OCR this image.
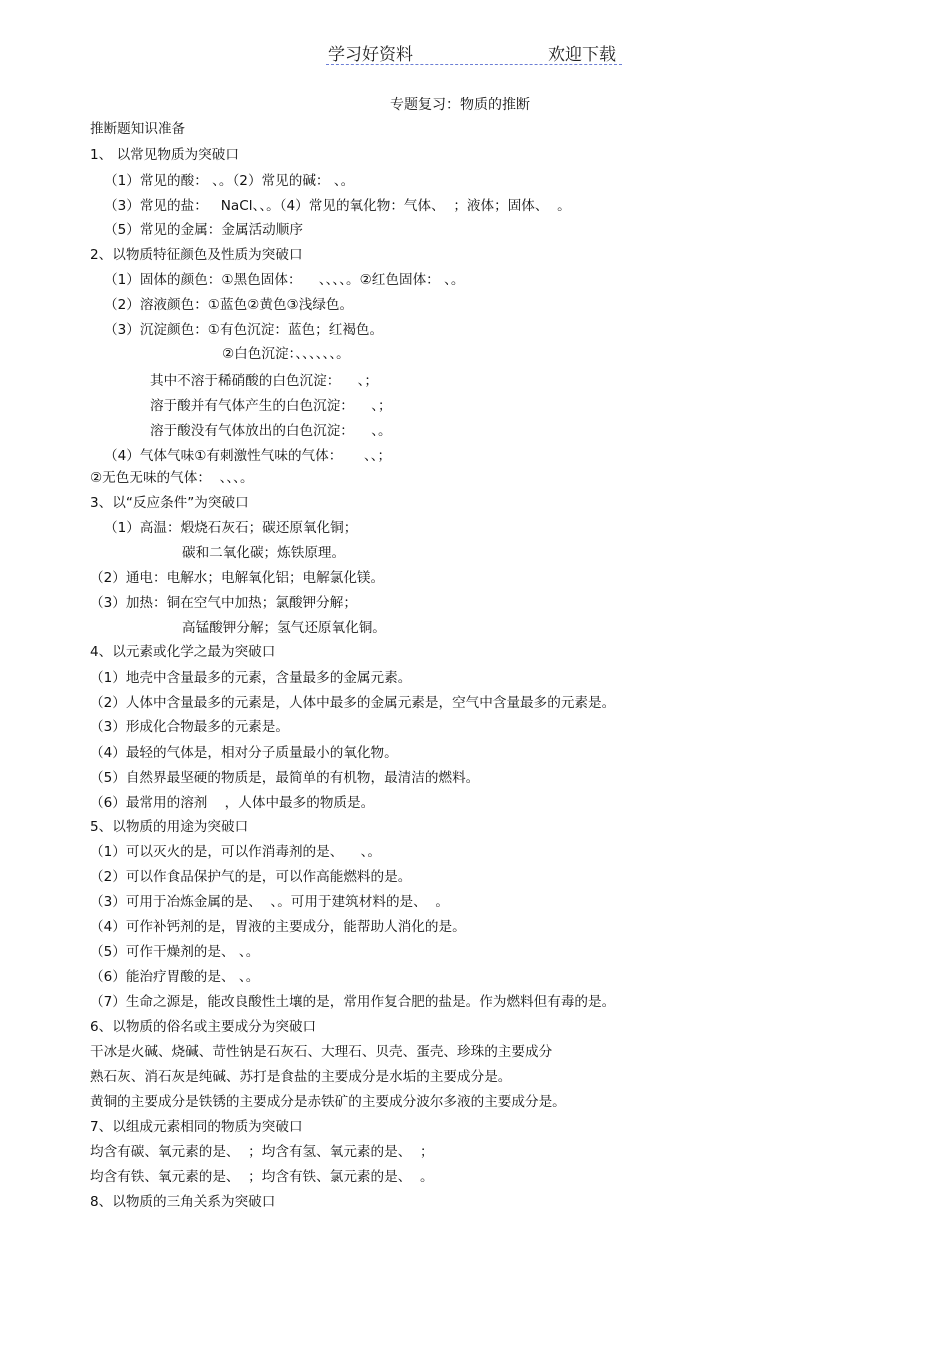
学习好资料	欢迎下载
专题复习：物质的推断
推断题知识准备
1、 以常见物质为突破口
（1）常见的酸： 、。（2）常见的碱： 、。
（3）常见的盐：   NaCl、、。（4）常见的氧化物：气体、  ；液体；固体、  。
（5）常见的金属：金属活动顺序
2、以物质特征颜色及性质为突破口
（1）固体的颜色：①黑色固体：    、、、、。②红色固体： 、。
（2）溶液颜色：①蓝色②黄色③浅绿色。
（3）沉淀颜色：①有色沉淀：蓝色；红褐色。
②白色沉淀：、、、、、、。
其中不溶于稀硝酸的白色沉淀：    、；
溶于酸并有气体产生的白色沉淀：    、；
溶于酸没有气体放出的白色沉淀：    、。
（4）气体气味①有刺激性气味的气体：     、、；
②无色无味的气体：  、、、。
3、以“反应条件”为突破口
（1）高温：煅烧石灰石；碳还原氧化铜；
碳和二氧化碳；炼铁原理。
（2）通电：电解水；电解氧化铝；电解氯化镁。
（3）加热：铜在空气中加热；氯酸钾分解；
高锰酸钾分解；氢气还原氧化铜。
4、以元素或化学之最为突破口
（1）地壳中含量最多的元素，含量最多的金属元素。
（2）人体中含量最多的元素是，人体中最多的金属元素是，空气中含量最多的元素是。
（3）形成化合物最多的元素是。
（4）最轻的气体是，相对分子质量最小的氧化物。
（5）自然界最坚硬的物质是，最简单的有机物，最清洁的燃料。
（6）最常用的溶剂    ，人体中最多的物质是。
5、以物质的用途为突破口
（1）可以灭火的是，可以作消毒剂的是、    、。
（2）可以作食品保护气的是，可以作高能燃料的是。
（3）可用于冶炼金属的是、  、。可用于建筑材料的是、  。
（4）可作补钙剂的是，胃液的主要成分，能帮助人消化的是。
（5）可作干燥剂的是、 、。
（6）能治疗胃酸的是、 、。
（7）生命之源是，能改良酸性土壤的是，常用作复合肥的盐是。作为燃料但有毒的是。
6、以物质的俗名或主要成分为突破口
干冰是火碱、烧碱、苛性钠是石灰石、大理石、贝壳、蛋壳、珍珠的主要成分
熟石灰、消石灰是纯碱、苏打是食盐的主要成分是水垢的主要成分是。
黄铜的主要成分是铁锈的主要成分是赤铁矿的主要成分波尔多液的主要成分是。
7、以组成元素相同的物质为突破口
均含有碳、氧元素的是、  ；均含有氢、氧元素的是、  ；
均含有铁、氧元素的是、  ；均含有铁、氯元素的是、  。
8、以物质的三角关系为突破口
